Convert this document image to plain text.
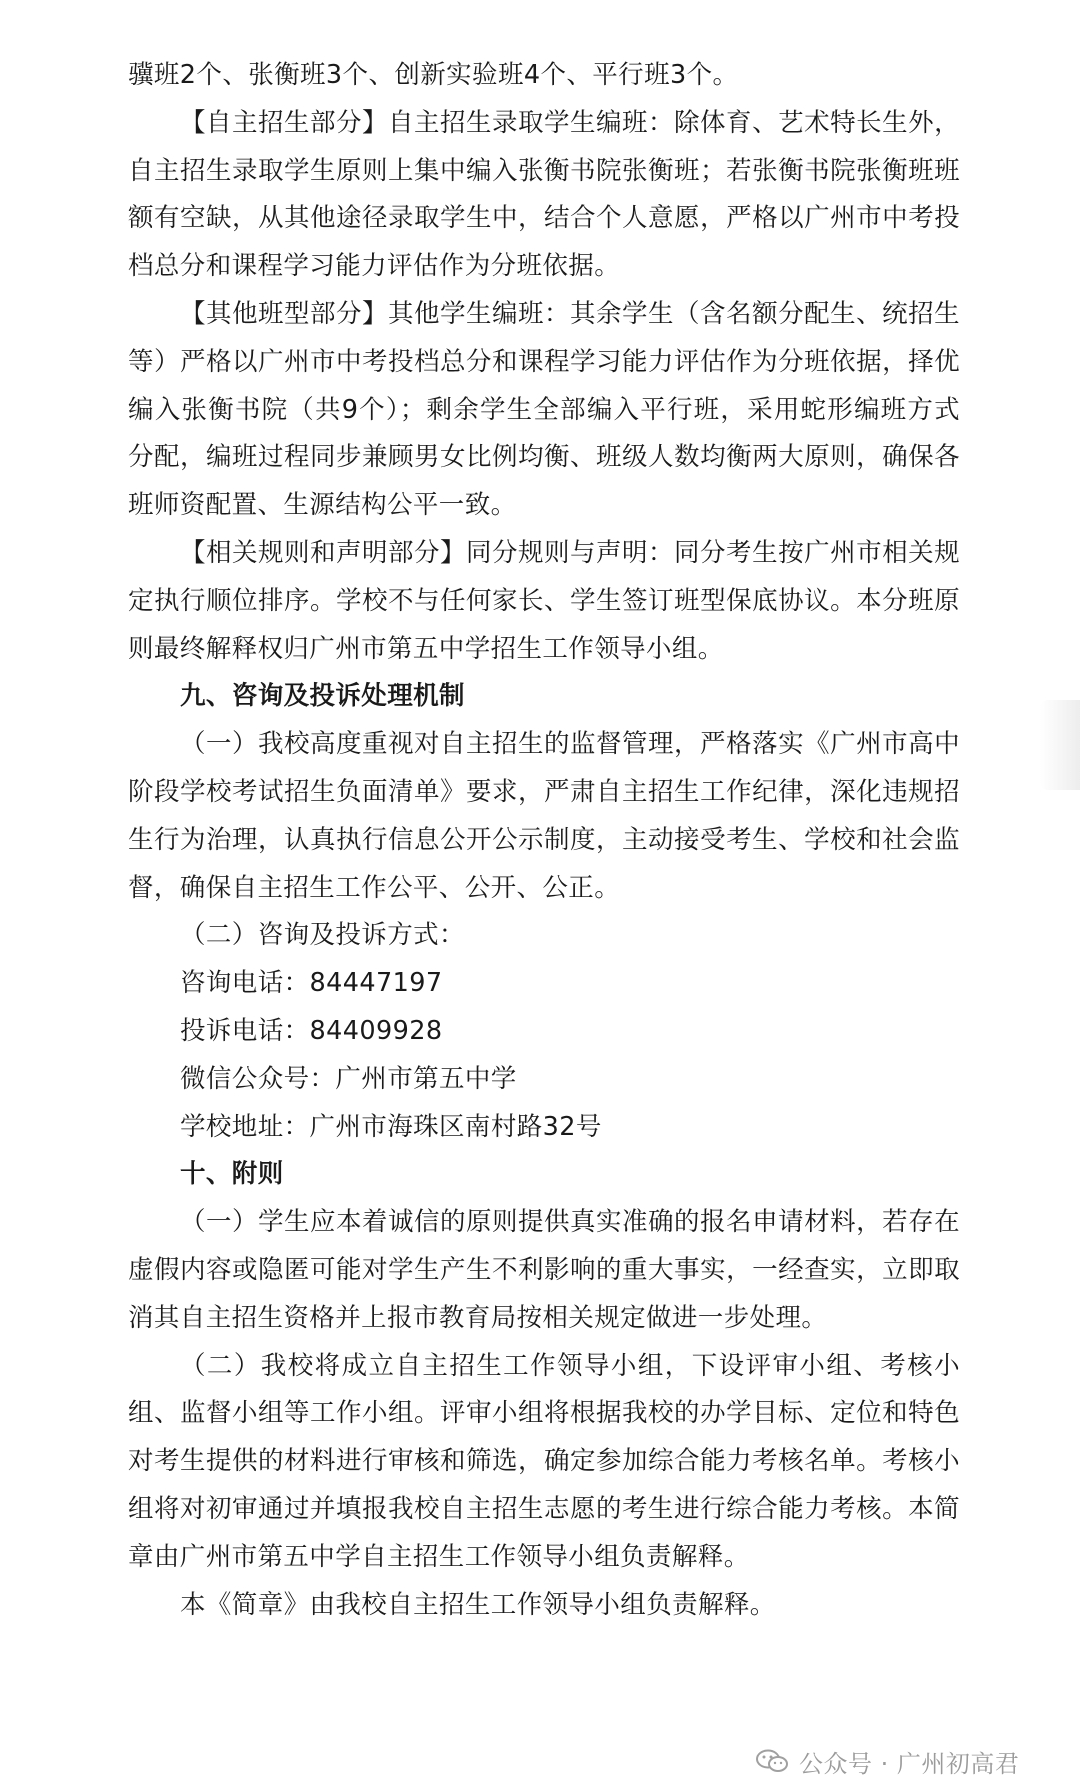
骥班2个、张衡班3个、创新实验班4个、平行班3个。

【自主招生部分】自主招生录取学生编班：除体育、艺术特长生外，自主招生录取学生原则上集中编入张衡书院张衡班；若张衡书院张衡班班额有空缺，从其他途径录取学生中，结合个人意愿，严格以广州市中考投档总分和课程学习能力评估作为分班依据。

【其他班型部分】其他学生编班：其余学生（含名额分配生、统招生等）严格以广州市中考投档总分和课程学习能力评估作为分班依据，择优编入张衡书院（共9个）；剩余学生全部编入平行班，采用蛇形编班方式分配，编班过程同步兼顾男女比例均衡、班级人数均衡两大原则，确保各班师资配置、生源结构公平一致。

【相关规则和声明部分】同分规则与声明：同分考生按广州市相关规定执行顺位排序。学校不与任何家长、学生签订班型保底协议。本分班原则最终解释权归广州市第五中学招生工作领导小组。

九、咨询及投诉处理机制

（一）我校高度重视对自主招生的监督管理，严格落实《广州市高中阶段学校考试招生负面清单》要求，严肃自主招生工作纪律，深化违规招生行为治理，认真执行信息公开公示制度，主动接受考生、学校和社会监督，确保自主招生工作公平、公开、公正。

（二）咨询及投诉方式：

咨询电话：84447197

投诉电话：84409928

微信公众号：广州市第五中学

学校地址：广州市海珠区南村路32号

十、附则

（一）学生应本着诚信的原则提供真实准确的报名申请材料，若存在虚假内容或隐匿可能对学生产生不利影响的重大事实，一经查实，立即取消其自主招生资格并上报市教育局按相关规定做进一步处理。

（二）我校将成立自主招生工作领导小组，下设评审小组、考核小组、监督小组等工作小组。评审小组将根据我校的办学目标、定位和特色对考生提供的材料进行审核和筛选，确定参加综合能力考核名单。考核小组将对初审通过并填报我校自主招生志愿的考生进行综合能力考核。本简章由广州市第五中学自主招生工作领导小组负责解释。

本《简章》由我校自主招生工作领导小组负责解释。

公众号 · 广州初高君
